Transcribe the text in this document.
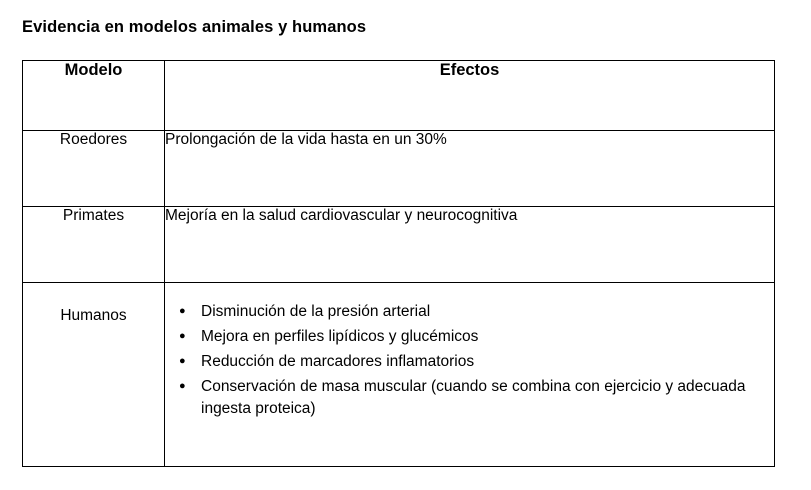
Evidencia en modelos animales y humanos
Modelo	Efectos
Roedores	Prolongación de la vida hasta en un 30%
Primates	Mejoría en la salud cardiovascular y neurocognitiva
Humanos	● Disminución de la presión arterial
● Mejora en perfiles lipídicos y glucémicos
● Reducción de marcadores inflamatorios
● Conservación de masa muscular (cuando se combina con ejercicio y adecuada ingesta proteica)
